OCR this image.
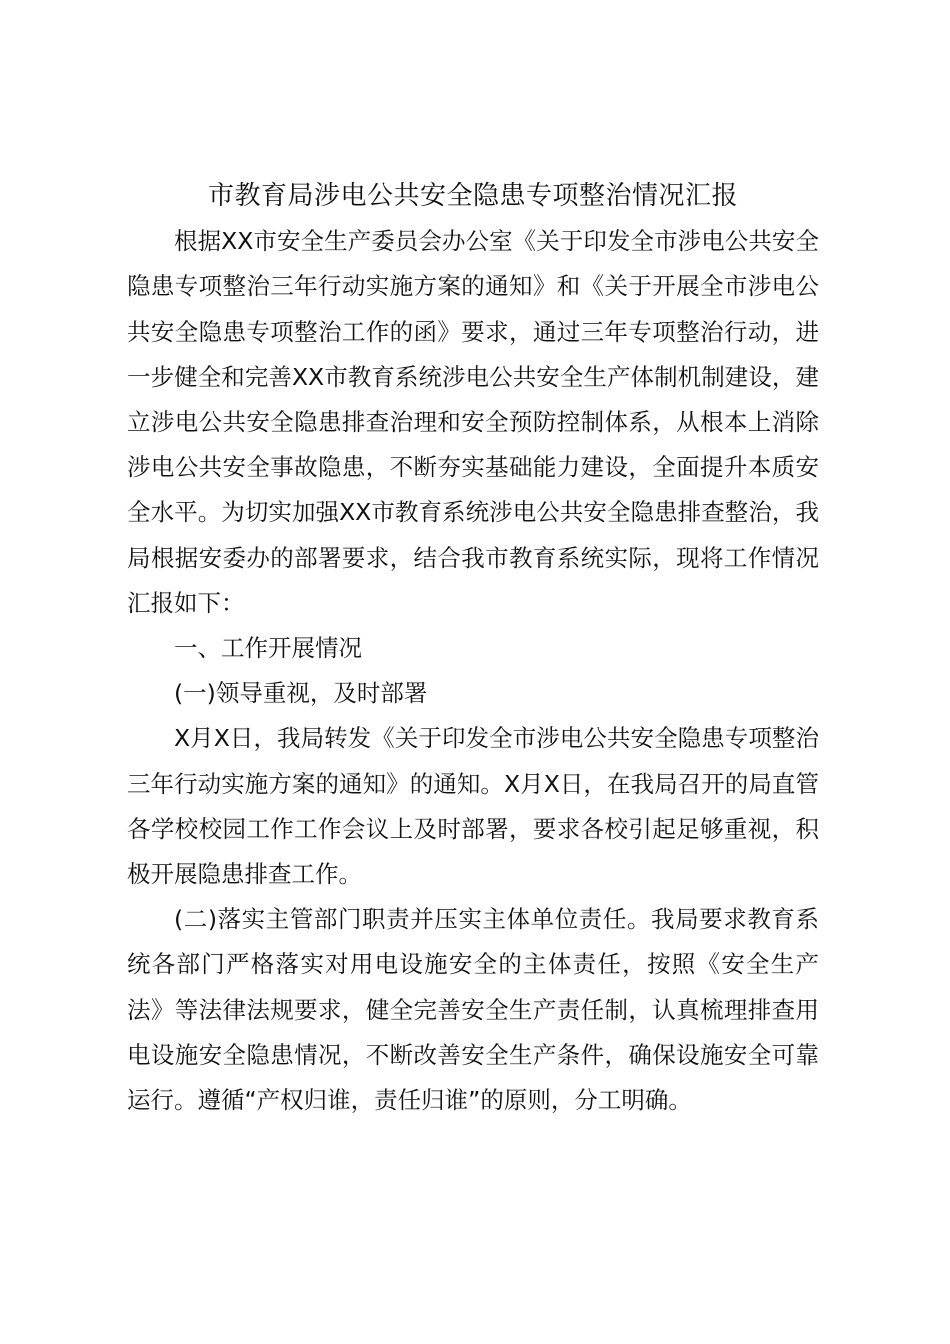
市教育局涉电公共安全隐患专项整治情况汇报

根据XX市安全生产委员会办公室《关于印发全市涉电公共安全隐患专项整治三年行动实施方案的通知》和《关于开展全市涉电公共安全隐患专项整治工作的函》要求，通过三年专项整治行动，进一步健全和完善XX市教育系统涉电公共安全生产体制机制建设，建立涉电公共安全隐患排查治理和安全预防控制体系，从根本上消除涉电公共安全事故隐患，不断夯实基础能力建设，全面提升本质安全水平。为切实加强XX市教育系统涉电公共安全隐患排查整治，我局根据安委办的部署要求，结合我市教育系统实际，现将工作情况汇报如下：

一、工作开展情况

(一)领导重视，及时部署

X月X日，我局转发《关于印发全市涉电公共安全隐患专项整治三年行动实施方案的通知》的通知。X月X日，在我局召开的局直管各学校校园工作工作会议上及时部署，要求各校引起足够重视，积极开展隐患排查工作。

(二)落实主管部门职责并压实主体单位责任。我局要求教育系统各部门严格落实对用电设施安全的主体责任，按照《安全生产法》等法律法规要求，健全完善安全生产责任制，认真梳理排查用电设施安全隐患情况，不断改善安全生产条件，确保设施安全可靠运行。遵循“产权归谁，责任归谁”的原则，分工明确。
